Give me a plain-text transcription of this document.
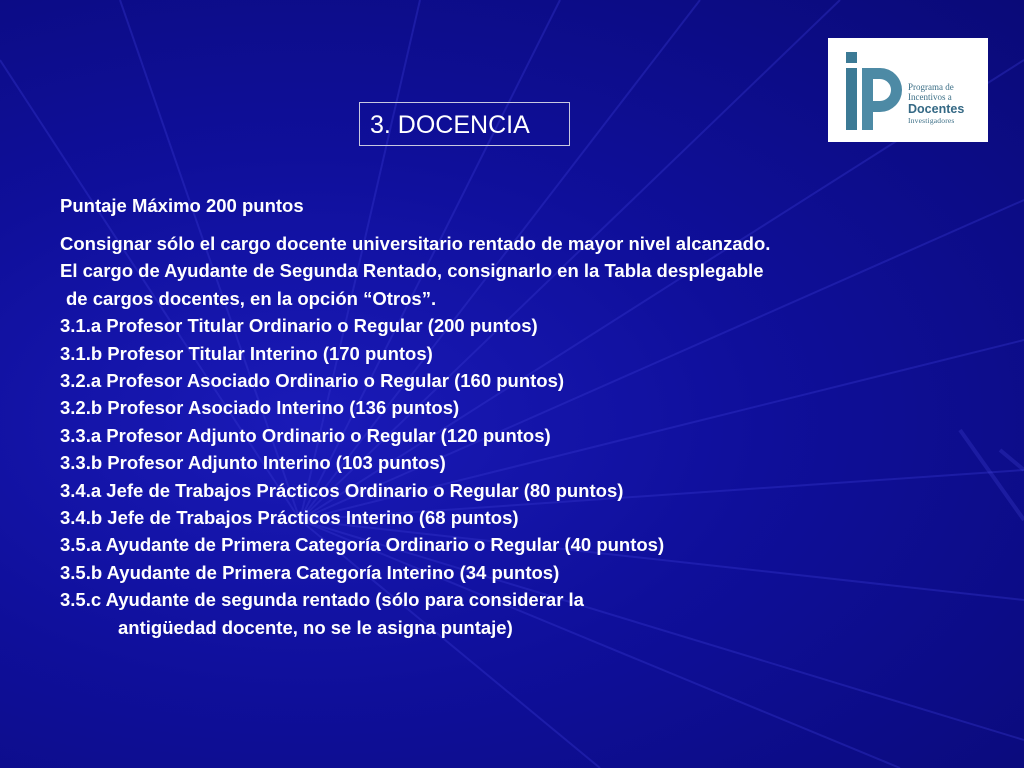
Programa de
Incentivos a
Docentes
Investigadores
3. DOCENCIA
Puntaje Máximo 200 puntos
Consignar sólo el cargo docente universitario rentado de mayor nivel alcanzado.
El cargo de Ayudante de Segunda Rentado, consignarlo en la Tabla desplegable
de cargos docentes, en la opción “Otros”.
3.1.a Profesor Titular Ordinario o Regular (200 puntos)
3.1.b Profesor Titular Interino (170 puntos)
3.2.a Profesor Asociado Ordinario o Regular (160 puntos)
3.2.b Profesor Asociado Interino (136 puntos)
3.3.a Profesor Adjunto Ordinario o Regular (120 puntos)
3.3.b Profesor Adjunto Interino (103 puntos)
3.4.a Jefe de Trabajos Prácticos Ordinario o Regular (80 puntos)
3.4.b Jefe de Trabajos Prácticos Interino (68 puntos)
3.5.a Ayudante de Primera Categoría Ordinario o Regular (40 puntos)
3.5.b Ayudante de Primera Categoría Interino (34 puntos)
3.5.c Ayudante de segunda rentado (sólo para considerar la
antigüedad docente, no se le asigna puntaje)
